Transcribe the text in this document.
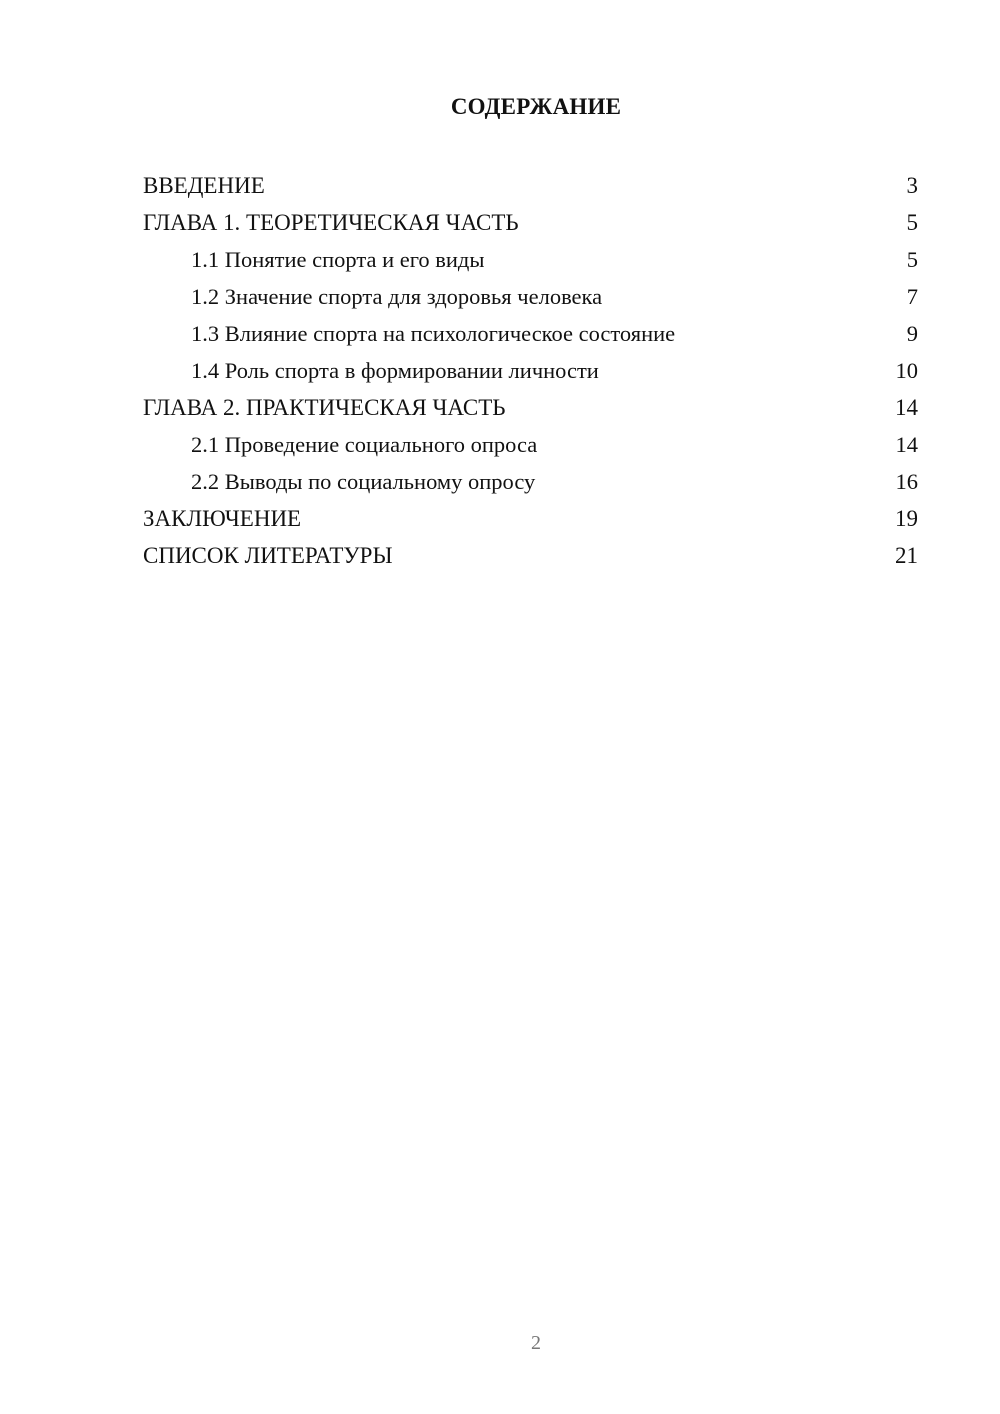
СОДЕРЖАНИЕ
ВВЕДЕНИЕ	3
ГЛАВА 1. ТЕОРЕТИЧЕСКАЯ ЧАСТЬ	5
1.1 Понятие спорта и его виды	5
1.2 Значение спорта для здоровья человека	7
1.3 Влияние спорта на психологическое состояние	9
1.4 Роль спорта в формировании личности	10
ГЛАВА 2. ПРАКТИЧЕСКАЯ ЧАСТЬ	14
2.1 Проведение социального опроса	14
2.2 Выводы по социальному опросу	16
ЗАКЛЮЧЕНИЕ	19
СПИСОК ЛИТЕРАТУРЫ	21
2
